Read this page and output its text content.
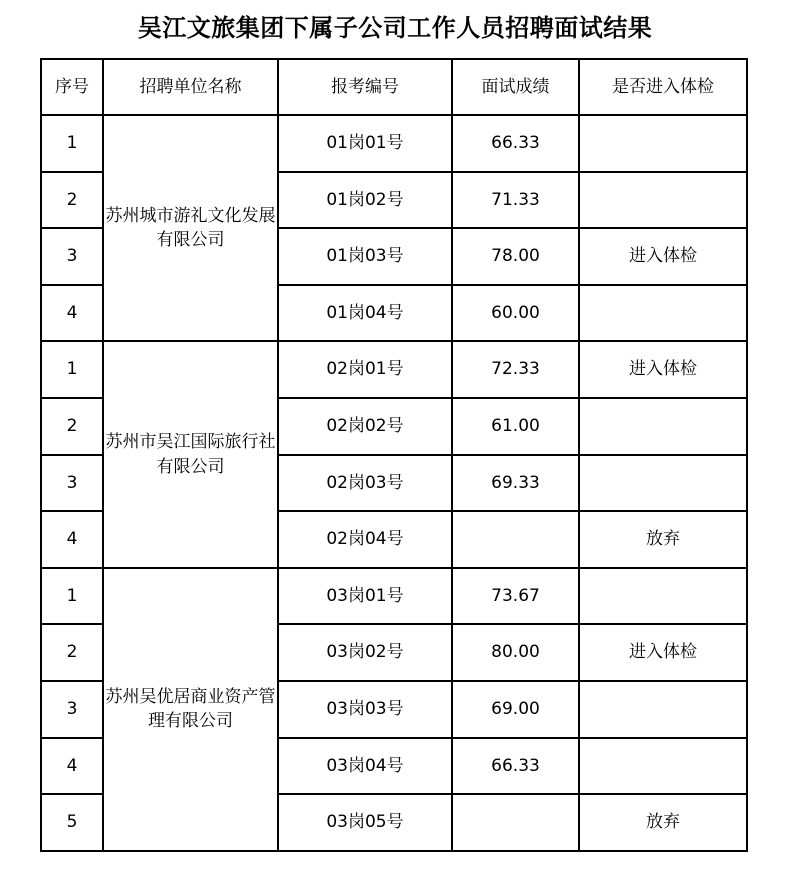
吴江文旅集团下属子公司工作人员招聘面试结果
序号	招聘单位名称	报考编号	面试成绩	是否进入体检
1	苏州城市游礼文化发展有限公司	01岗01号	66.33	
2		01岗02号	71.33	
3		01岗03号	78.00	进入体检
4		01岗04号	60.00	
1	苏州市吴江国际旅行社有限公司	02岗01号	72.33	进入体检
2		02岗02号	61.00	
3		02岗03号	69.33	
4		02岗04号		放弃
1	苏州吴优居商业资产管理有限公司	03岗01号	73.67	
2		03岗02号	80.00	进入体检
3		03岗03号	69.00	
4		03岗04号	66.33	
5		03岗05号		放弃
